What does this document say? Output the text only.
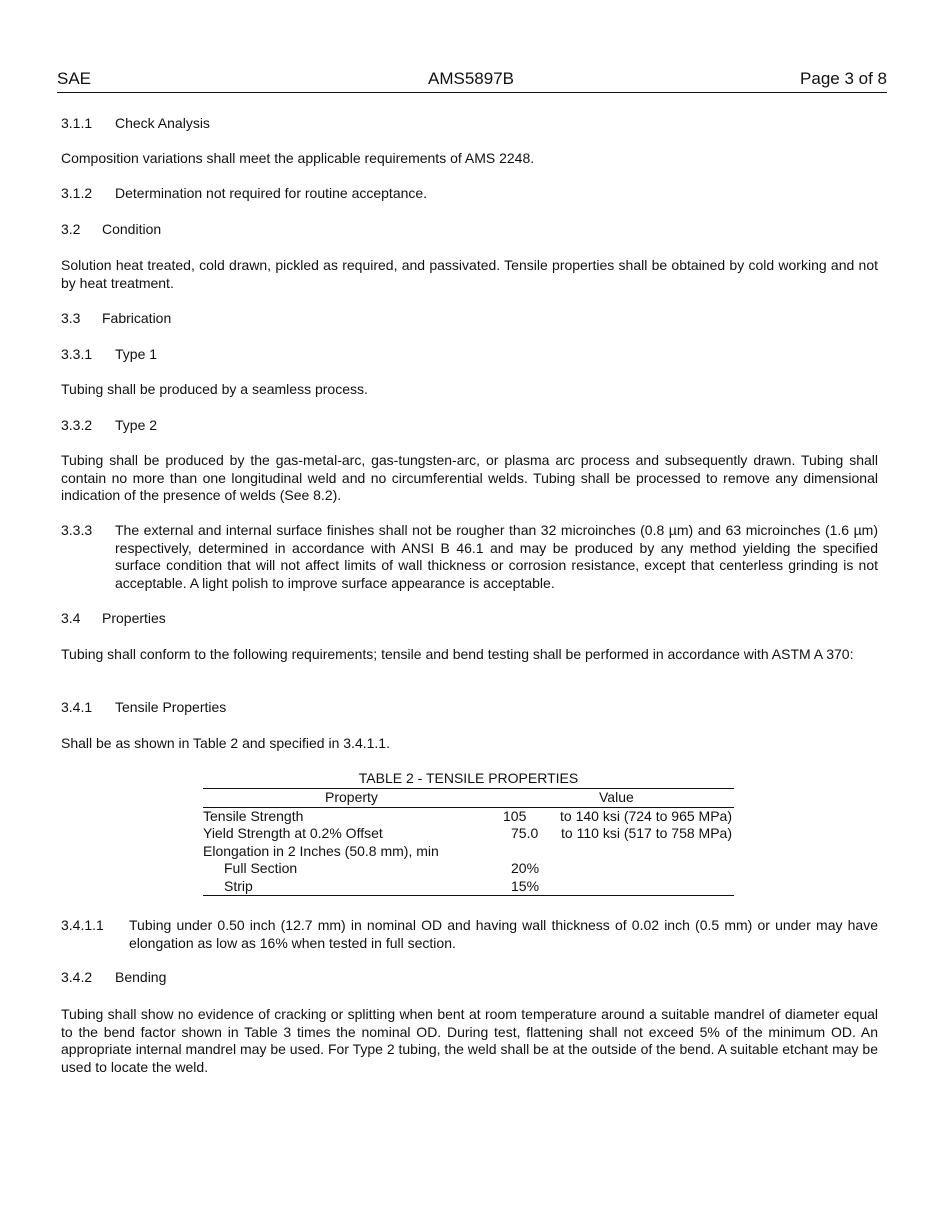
SAE	AMS5897B	Page 3 of 8
3.1.1 Check Analysis

Composition variations shall meet the applicable requirements of AMS 2248.

3.1.2 Determination not required for routine acceptance.
3.2 Condition

Solution heat treated, cold drawn, pickled as required, and passivated. Tensile properties shall be obtained by cold working and not by heat treatment.

3.3 Fabrication
3.3.1 Type 1

Tubing shall be produced by a seamless process.

3.3.2 Type 2

Tubing shall be produced by the gas-metal-arc, gas-tungsten-arc, or plasma arc process and subsequently drawn. Tubing shall contain no more than one longitudinal weld and no circumferential welds. Tubing shall be processed to remove any dimensional indication of the presence of welds (See 8.2).

3.3.3 The external and internal surface finishes shall not be rougher than 32 microinches (0.8 µm) and 63 microinches (1.6 µm) respectively, determined in accordance with ANSI B 46.1 and may be produced by any method yielding the specified surface condition that will not affect limits of wall thickness or corrosion resistance, except that centerless grinding is not acceptable. A light polish to improve surface appearance is acceptable.
3.4 Properties

Tubing shall conform to the following requirements; tensile and bend testing shall be performed in accordance with ASTM A 370:

3.4.1 Tensile Properties

Shall be as shown in Table 2 and specified in 3.4.1.1.

TABLE 2 - TENSILE PROPERTIES
Property	Value
Tensile Strength	105 to 140 ksi (724 to 965 MPa)
Yield Strength at 0.2% Offset	75.0 to 110 ksi (517 to 758 MPa)
Elongation in 2 Inches (50.8 mm), min
Full Section	20%
Strip	15%
3.4.1.1 Tubing under 0.50 inch (12.7 mm) in nominal OD and having wall thickness of 0.02 inch (0.5 mm) or under may have elongation as low as 16% when tested in full section.
3.4.2 Bending

Tubing shall show no evidence of cracking or splitting when bent at room temperature around a suitable mandrel of diameter equal to the bend factor shown in Table 3 times the nominal OD. During test, flattening shall not exceed 5% of the minimum OD. An appropriate internal mandrel may be used. For Type 2 tubing, the weld shall be at the outside of the bend. A suitable etchant may be used to locate the weld.
